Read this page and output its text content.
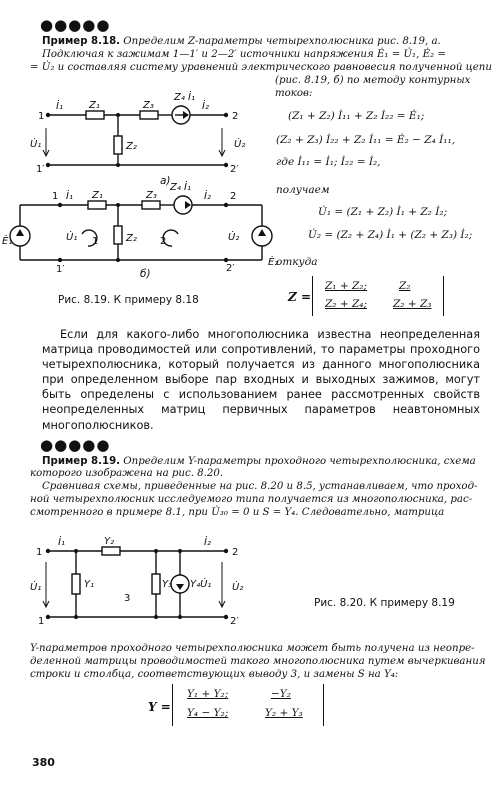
●●●●●
Пример 8.18. Определим Z-параметры четырехполюсника рис. 8.19, а.
Подключая к зажимам 1—1′ и 2—2′ источники напряжения Ė₁ = U̇₁, Ė₂ =
= U̇₂ и составляя систему уравнений электрического равновесия полученной цепи
(рис. 8.19, б) по методу контурных
токов:
1	2
1′	2′
İ₁	Z₁	Z₃
Z₄ İ₁
İ₂
Z₂
U̇₁	U̇₂
а)
1	2
1′	2′
İ₁ Z₁	Z₃
Z₄ İ₁
İ₂
Z₂
U̇₁	U̇₂
Ė₁
Ė₂
1	2
б)
Рис. 8.19. К примеру 8.18
(Z₁ + Z₂) İ₁₁ + Z₂ İ₂₂ = Ė₁;
(Z₂ + Z₃) İ₂₂ + Z₂ İ₁₁ = Ė₂ − Z₄ İ₁₁,
где İ₁₁ = İ₁; İ₂₂ = İ₂,
получаем
U̇₁ = (Z₁ + Z₂) İ₁ + Z₂ İ₂;
U̇₂ = (Z₂ + Z₄) İ₁ + (Z₂ + Z₃) İ₂;
откуда
Z =
Z₁ + Z₂;	Z₂
Z₂ + Z₄; Z₂ + Z₃
Если для какого-либо многополюсника известна неопределенная матрица проводимостей или сопротивлений, то параметры проходного четырехполюсника, который получается из данного многополюсника при определенном выборе пар входных и выходных зажимов, могут быть определены с использованием ранее рассмотренных свойств неопределенных матриц первичных параметров неавтономных многополюсников.
●●●●●
Пример 8.19. Определим Y-параметры проходного четырехполюсника, схема
которого изображена на рис. 8.20.
Сравнивая схемы, приведенные на рис. 8.20 и 8.5, устанавливаем, что проход-
ной четырехполюсник исследуемого типа получается из многополюсника, рас-
смотренного в примере 8.1, при U̇₃₀ = 0 и S = Y₄. Следовательно, матрица
1	2
1	2′
İ₁	Y₂	İ₂
Y₁	Y₃ Y₄U̇₁
U̇₁	U̇₂
3	Рис. 8.20. К примеру 8.19
Y-параметров проходного четырехполюсника может быть получена из неопре-
деленной матрицы проводимостей такого многополюсника путем вычеркивания
строки и столбца, соответствующих выводу 3, и замены S на Y₄:
Y =
Y₁ + Y₂;	−Y₂
Y₄ − Y₂;	Y₂ + Y₃
380
